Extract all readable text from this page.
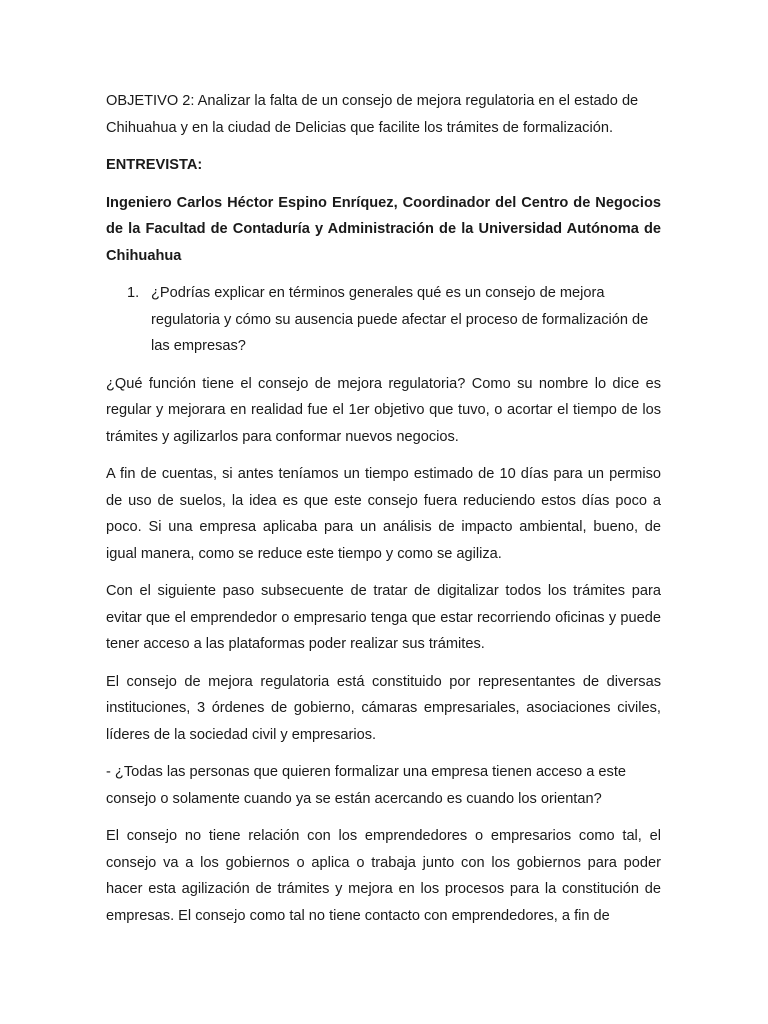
OBJETIVO 2: Analizar la falta de un consejo de mejora regulatoria en el estado de Chihuahua y en la ciudad de Delicias que facilite los trámites de formalización.

ENTREVISTA:

Ingeniero Carlos Héctor Espino Enríquez, Coordinador del Centro de Negocios de la Facultad de Contaduría y Administración de la Universidad Autónoma de Chihuahua

1. ¿Podrías explicar en términos generales qué es un consejo de mejora regulatoria y cómo su ausencia puede afectar el proceso de formalización de las empresas?

¿Qué función tiene el consejo de mejora regulatoria? Como su nombre lo dice es regular y mejorara en realidad fue el 1er objetivo que tuvo, o acortar el tiempo de los trámites y agilizarlos para conformar nuevos negocios.

A fin de cuentas, si antes teníamos un tiempo estimado de 10 días para un permiso de uso de suelos, la idea es que este consejo fuera reduciendo estos días poco a poco. Si una empresa aplicaba para un análisis de impacto ambiental, bueno, de igual manera, como se reduce este tiempo y como se agiliza.

Con el siguiente paso subsecuente de tratar de digitalizar todos los trámites para evitar que el emprendedor o empresario tenga que estar recorriendo oficinas y puede tener acceso a las plataformas poder realizar sus trámites.

El consejo de mejora regulatoria está constituido por representantes de diversas instituciones, 3 órdenes de gobierno, cámaras empresariales, asociaciones civiles, líderes de la sociedad civil y empresarios.

- ¿Todas las personas que quieren formalizar una empresa tienen acceso a este consejo o solamente cuando ya se están acercando es cuando los orientan?

El consejo no tiene relación con los emprendedores o empresarios como tal, el consejo va a los gobiernos o aplica o trabaja junto con los gobiernos para poder hacer esta agilización de trámites y mejora en los procesos para la constitución de empresas. El consejo como tal no tiene contacto con emprendedores, a fin de
